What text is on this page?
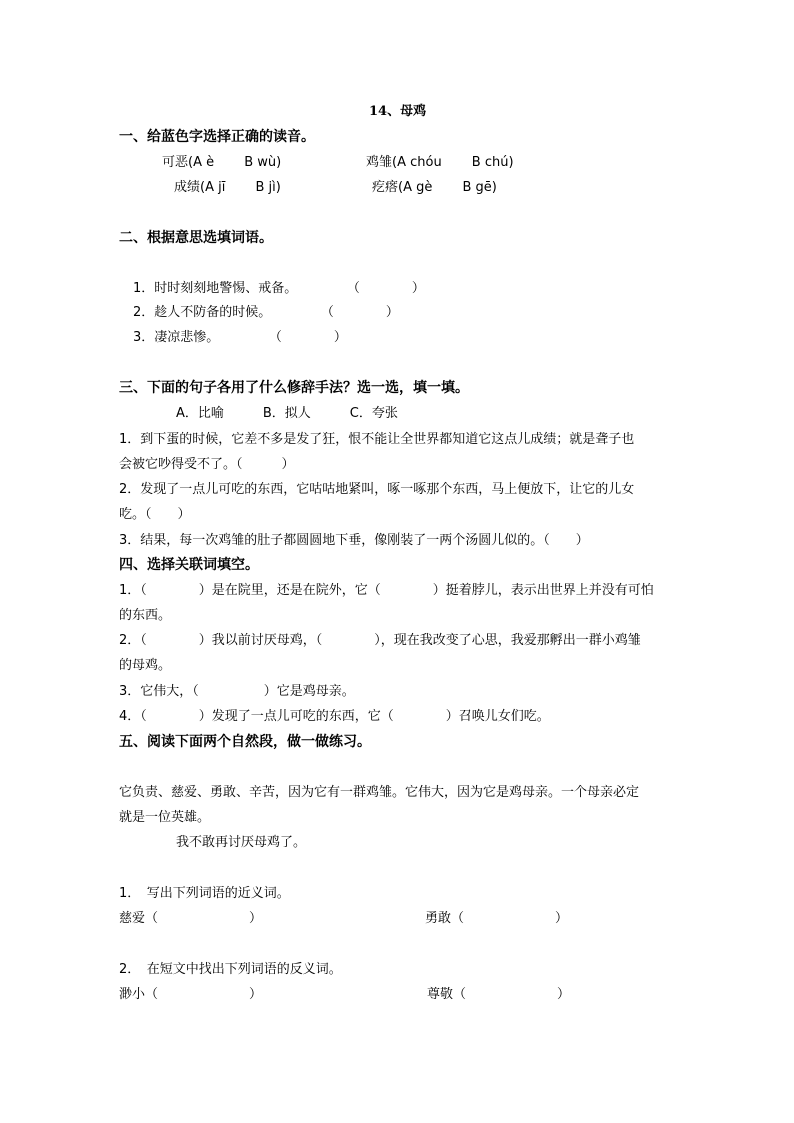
14、母鸡
一、给蓝色字选择正确的读音。
可恶(A è　　 B wù)	鸡雏(A chóu　　 B chú)
成绩(A jī　　 B jì)	疙瘩(A gè　　 B gē)
二、根据意思选填词语。
1．时时刻刻地警惕、戒备。　　　　 （　　　　）
2．趁人不防备的时候。　　　　 （　　　　）
3．凄凉悲惨。　　　　 （　　　　）
三、下面的句子各用了什么修辞手法？选一选，填一填。
A．比喻　　　B．拟人　　　C．夸张
1．到下蛋的时候，它差不多是发了狂，恨不能让全世界都知道它这点儿成绩；就是聋子也
会被它吵得受不了。（　　　）
2．发现了一点儿可吃的东西，它咕咕地紧叫，啄一啄那个东西，马上便放下，让它的儿女
吃。（　　）
3．结果，每一次鸡雏的肚子都圆圆地下垂，像刚装了一两个汤圆儿似的。（　　）
四、选择关联词填空。
1．（　　　　）是在院里，还是在院外，它（　　　　）挺着脖儿，表示出世界上并没有可怕
的东西。
2．（　　　　）我以前讨厌母鸡，（　　　　），现在我改变了心思，我爱那孵出一群小鸡雏
的母鸡。
3．它伟大，（　　　　　）它是鸡母亲。
4．（　　　　）发现了一点儿可吃的东西，它（　　　　）召唤儿女们吃。
五、阅读下面两个自然段，做一做练习。
它负责、慈爱、勇敢、辛苦，因为它有一群鸡雏。它伟大，因为它是鸡母亲。一个母亲必定
就是一位英雄。
我不敢再讨厌母鸡了。
1．　写出下列词语的近义词。
慈爱（　　　　　　　）	勇敢（　　　　　　　）
2．　在短文中找出下列词语的反义词。
渺小（　　　　　　　）	尊敬（　　　　　　　）
